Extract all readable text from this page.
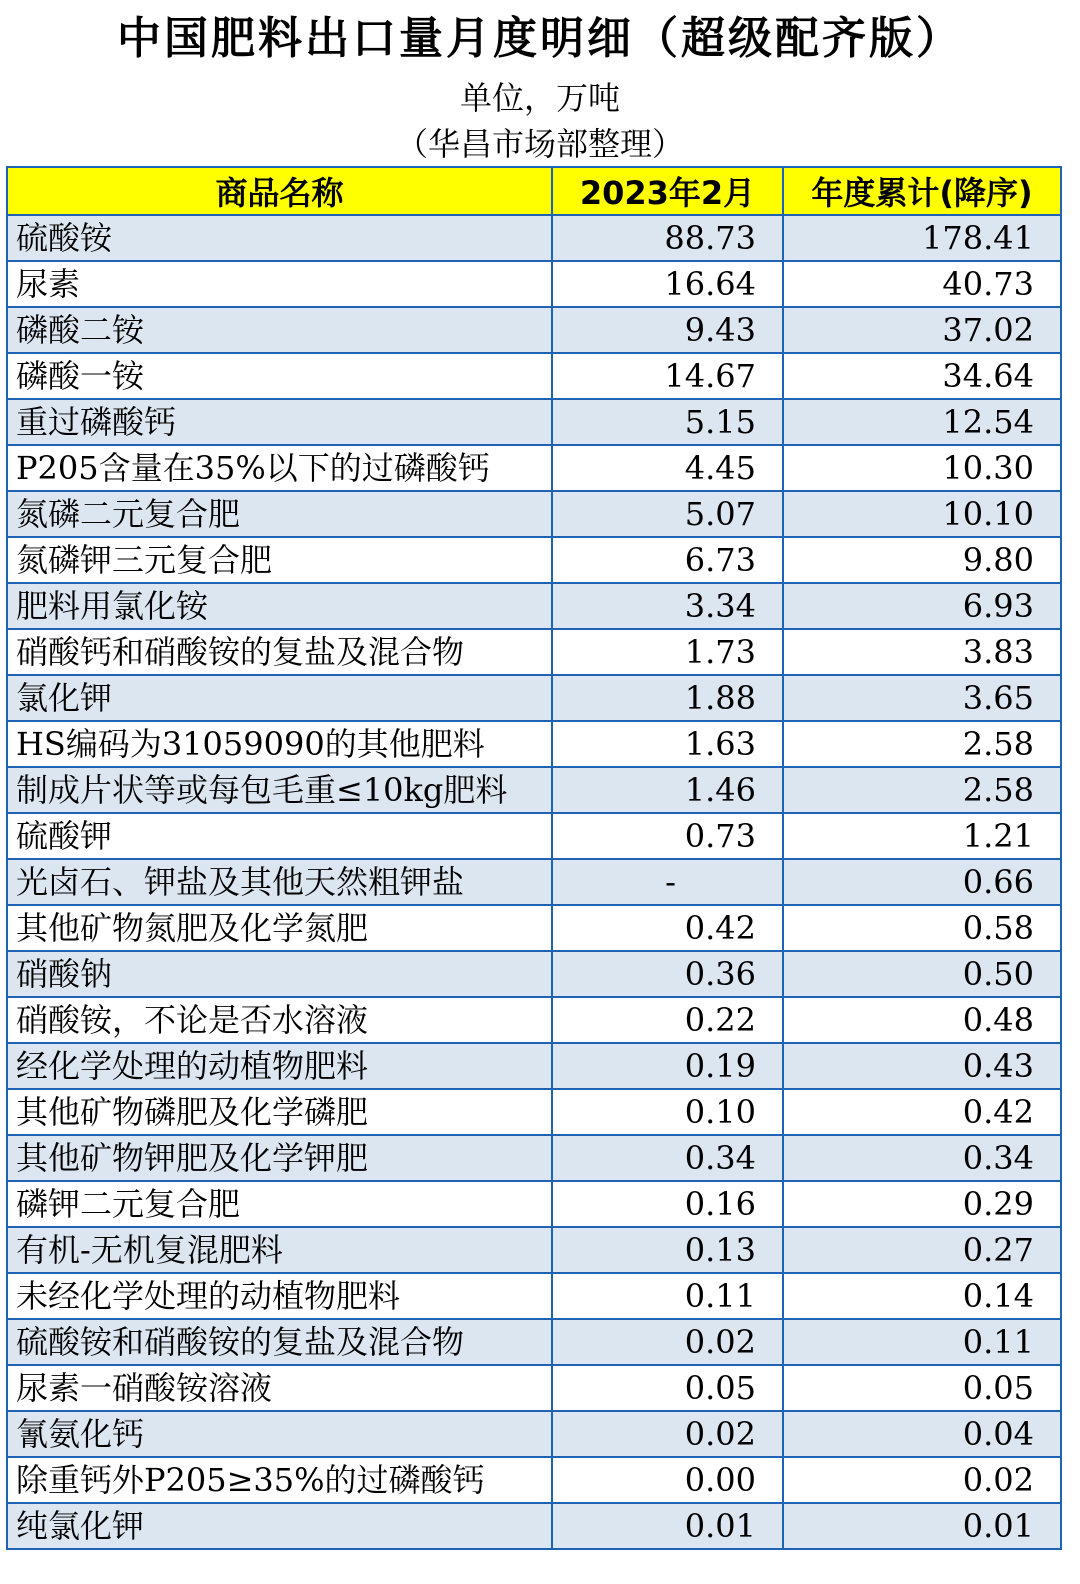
中国肥料出口量月度明细（超级配齐版）
单位，万吨
（华昌市场部整理）
商品名称	2023年2月	年度累计(降序)
硫酸铵	88.73	178.41
尿素	16.64	40.73
磷酸二铵	9.43	37.02
磷酸一铵	14.67	34.64
重过磷酸钙	5.15	12.54
P205含量在35%以下的过磷酸钙	4.45	10.30
氮磷二元复合肥	5.07	10.10
氮磷钾三元复合肥	6.73	9.80
肥料用氯化铵	3.34	6.93
硝酸钙和硝酸铵的复盐及混合物	1.73	3.83
氯化钾	1.88	3.65
HS编码为31059090的其他肥料	1.63	2.58
制成片状等或每包毛重≤10kg肥料	1.46	2.58
硫酸钾	0.73	1.21
光卤石、钾盐及其他天然粗钾盐	-	0.66
其他矿物氮肥及化学氮肥	0.42	0.58
硝酸钠	0.36	0.50
硝酸铵，不论是否水溶液	0.22	0.48
经化学处理的动植物肥料	0.19	0.43
其他矿物磷肥及化学磷肥	0.10	0.42
其他矿物钾肥及化学钾肥	0.34	0.34
磷钾二元复合肥	0.16	0.29
有机-无机复混肥料	0.13	0.27
未经化学处理的动植物肥料	0.11	0.14
硫酸铵和硝酸铵的复盐及混合物	0.02	0.11
尿素一硝酸铵溶液	0.05	0.05
氰氨化钙	0.02	0.04
除重钙外P205≥35%的过磷酸钙	0.00	0.02
纯氯化钾	0.01	0.01
